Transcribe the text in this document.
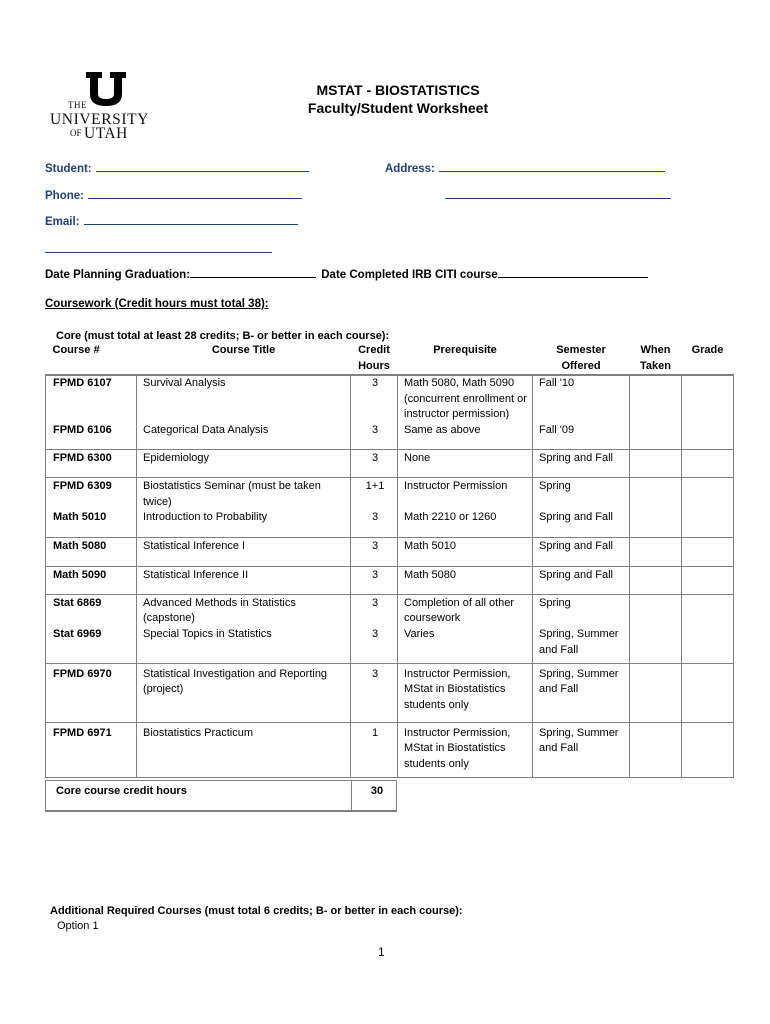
THE
UNIVERSITY
OF UTAH
MSTAT - BIOSTATISTICS
Faculty/Student Worksheet
Student:	Address:
Phone:
Email:
Date Planning Graduation:	Date Completed IRB CITI course
Coursework (Credit hours must total 38):
Core (must total at least 28 credits; B- or better in each course):
Course #	Course Title	Credit Hours	Prerequisite	Semester Offered	When Taken	Grade
FPMD 6107	Survival Analysis	3	Math 5080, Math 5090 (concurrent enrollment or instructor permission)	Fall '10		
FPMD 6106	Categorical Data Analysis	3	Same as above	Fall '09		
FPMD 6300	Epidemiology	3	None	Spring and Fall		
FPMD 6309	Biostatistics Seminar (must be taken twice)	1+1	Instructor Permission	Spring		
Math 5010	Introduction to Probability	3	Math 2210 or 1260	Spring and Fall		
Math 5080	Statistical Inference I	3	Math 5010	Spring and Fall		
Math 5090	Statistical Inference II	3	Math 5080	Spring and Fall		
Stat 6869	Advanced Methods in Statistics (capstone)	3	Completion of all other coursework	Spring		
Stat 6969	Special Topics in Statistics	3	Varies	Spring, Summer and Fall		
FPMD 6970	Statistical Investigation and Reporting (project)	3	Instructor Permission, MStat in Biostatistics students only	Spring, Summer and Fall		
FPMD 6971	Biostatistics Practicum	1	Instructor Permission, MStat in Biostatistics students only	Spring, Summer and Fall		
Core course credit hours	30
Additional Required Courses (must total 6 credits; B- or better in each course):
Option 1
1
